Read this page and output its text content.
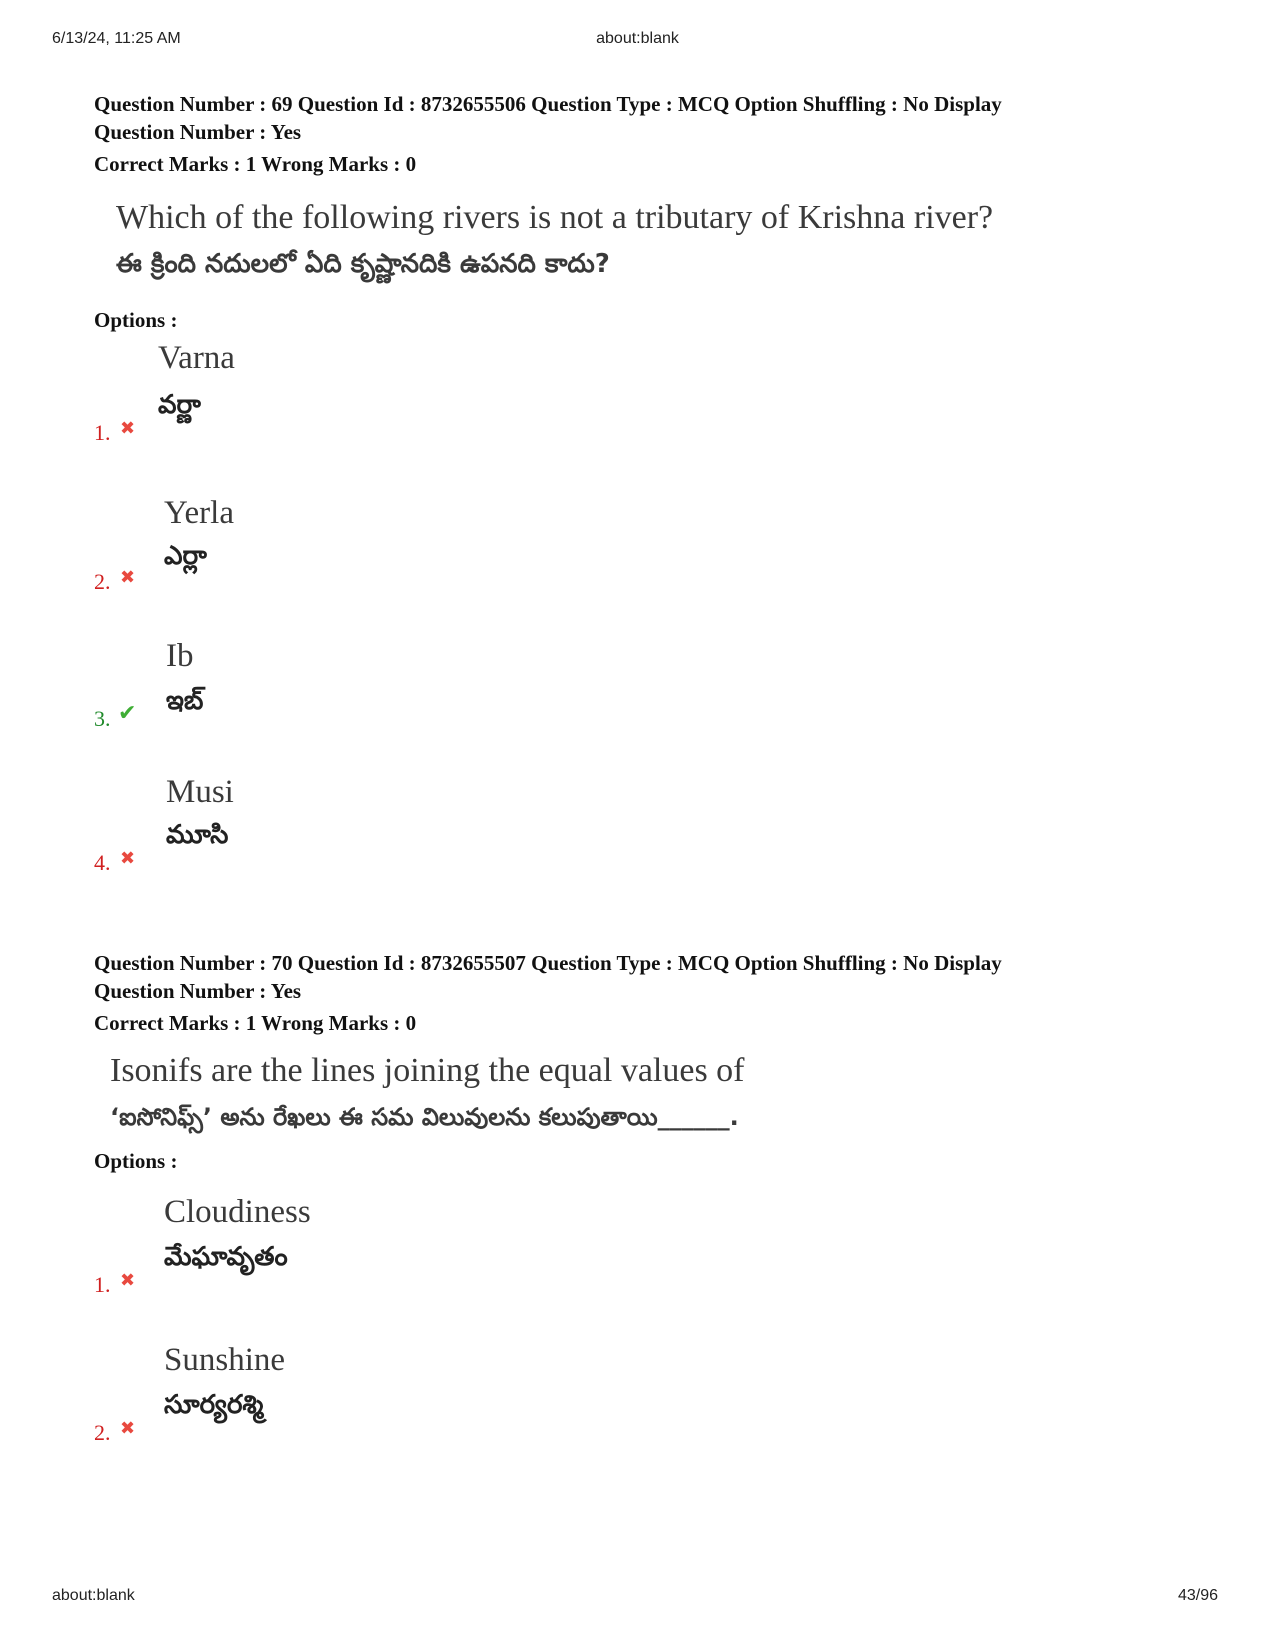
6/13/24, 11:25 AM	about:blank
Question Number : 69 Question Id : 8732655506 Question Type : MCQ Option Shuffling : No Display
Question Number : Yes
Correct Marks : 1 Wrong Marks : 0
Which of the following rivers is not a tributary of Krishna river?
ఈ క్రింది నదులలో ఏది కృష్ణానదికి ఉపనది కాదు?
Options :
Varna
వర్ణా
1. ✖
Yerla
ఎర్లా
2. ✖
Ib
ఇబ్
3. ✔
Musi
మూసి
4. ✖
Question Number : 70 Question Id : 8732655507 Question Type : MCQ Option Shuffling : No Display
Question Number : Yes
Correct Marks : 1 Wrong Marks : 0
Isonifs are the lines joining the equal values of
‘ఐసోనిఫ్స్’ అను రేఖలు ఈ సమ విలువులను కలుపుతాయి______.
Options :
Cloudiness
మేఘావృతం
1. ✖
Sunshine
సూర్యరశ్మి
2. ✖
about:blank	43/96
